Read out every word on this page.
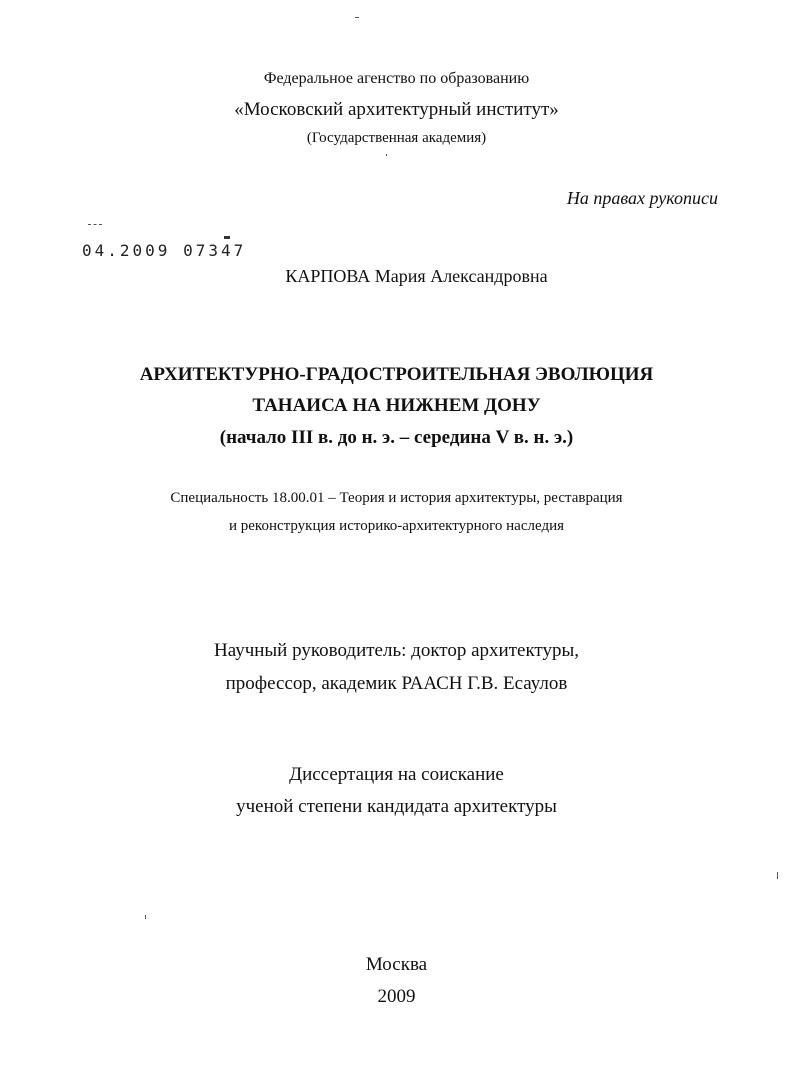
Федеральное агенство по образованию

«Московский архитектурный институт»

(Государственная академия)

На правах рукописи
04.2009 07347

КАРПОВА Мария Александровна

АРХИТЕКТУРНО-ГРАДОСТРОИТЕЛЬНАЯ ЭВОЛЮЦИЯ

ТАНАИСА НА НИЖНЕМ ДОНУ

(начало III в. до н. э. – середина V в. н. э.)

Специальность 18.00.01 – Теория и история архитектуры, реставрация

и реконструкция историко-архитектурного наследия

Научный руководитель: доктор архитектуры,

профессор, академик РААСН Г.В. Есаулов

Диссертация на соискание

ученой степени кандидата архитектуры

Москва

2009
